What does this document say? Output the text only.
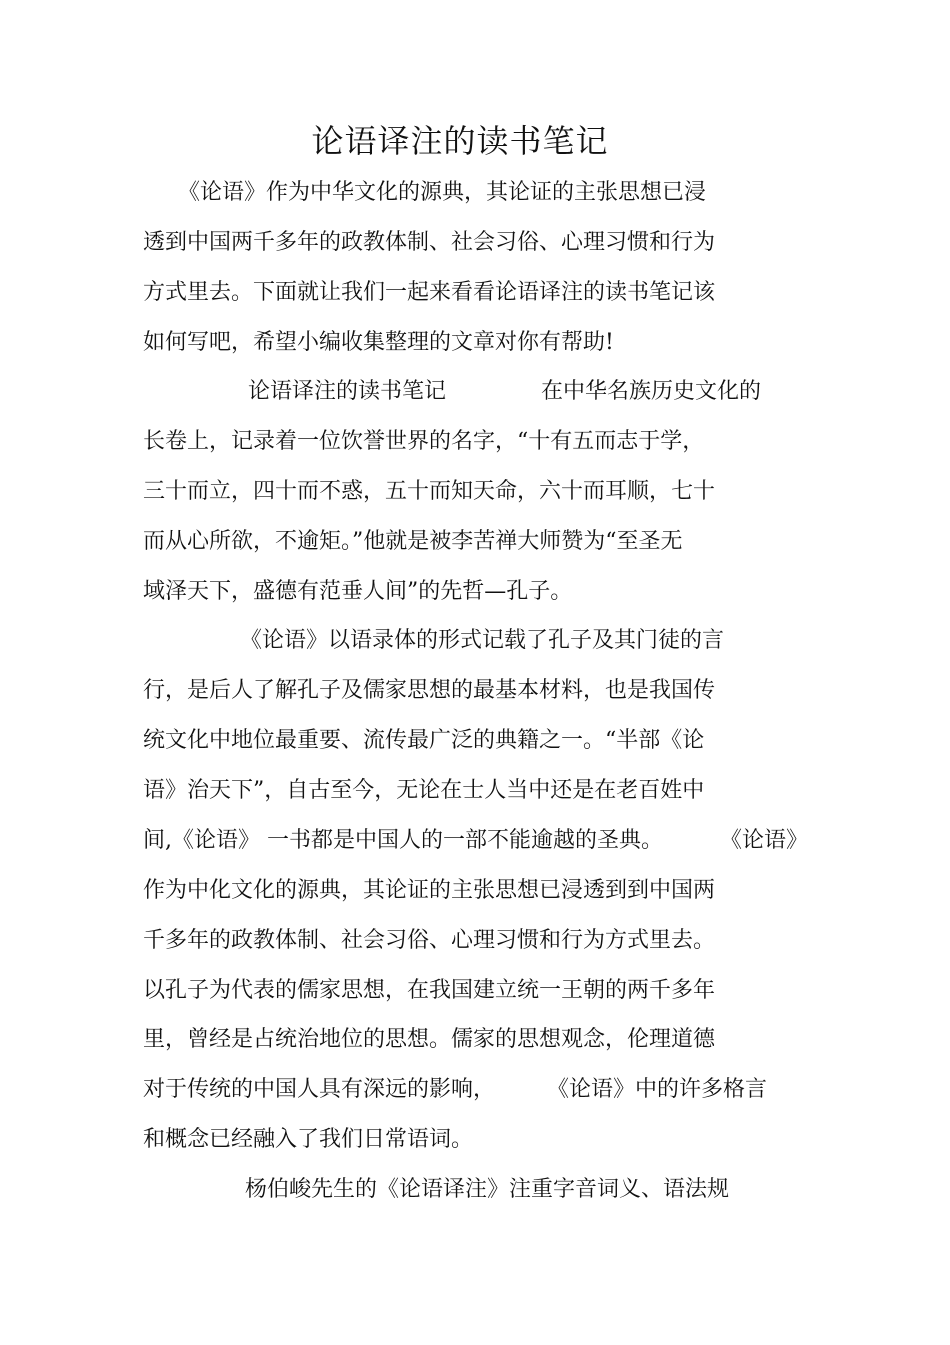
论语译注的读书笔记
《论语》作为中华文化的源典，其论证的主张思想已浸
透到中国两千多年的政教体制、社会习俗、心理习惯和行为
方式里去。下面就让我们一起来看看论语译注的读书笔记该
如何写吧，希望小编收集整理的文章对你有帮助!
论语译注的读书笔记	在中华名族历史文化的
长卷上，记录着一位饮誉世界的名字，“十有五而志于学，
三十而立，四十而不惑，五十而知天命，六十而耳顺，七十
而从心所欲，不逾矩。”他就是被李苦禅大师赞为“至圣无
域泽天下，盛德有范垂人间”的先哲—孔子。
《论语》以语录体的形式记载了孔子及其门徒的言
行，是后人了解孔子及儒家思想的最基本材料，也是我国传
统文化中地位最重要、流传最广泛的典籍之一。“半部《论
语》治天下”，自古至今，无论在士人当中还是在老百姓中
间,《论语》 一书都是中国人的一部不能逾越的圣典。	《论语》
作为中化文化的源典，其论证的主张思想已浸透到到中国两
千多年的政教体制、社会习俗、心理习惯和行为方式里去。
以孔子为代表的儒家思想，在我国建立统一王朝的两千多年
里，曾经是占统治地位的思想。儒家的思想观念，伦理道德
对于传统的中国人具有深远的影响， 《论语》中的许多格言
和概念已经融入了我们日常语词。
杨伯峻先生的《论语译注》注重字音词义、语法规
